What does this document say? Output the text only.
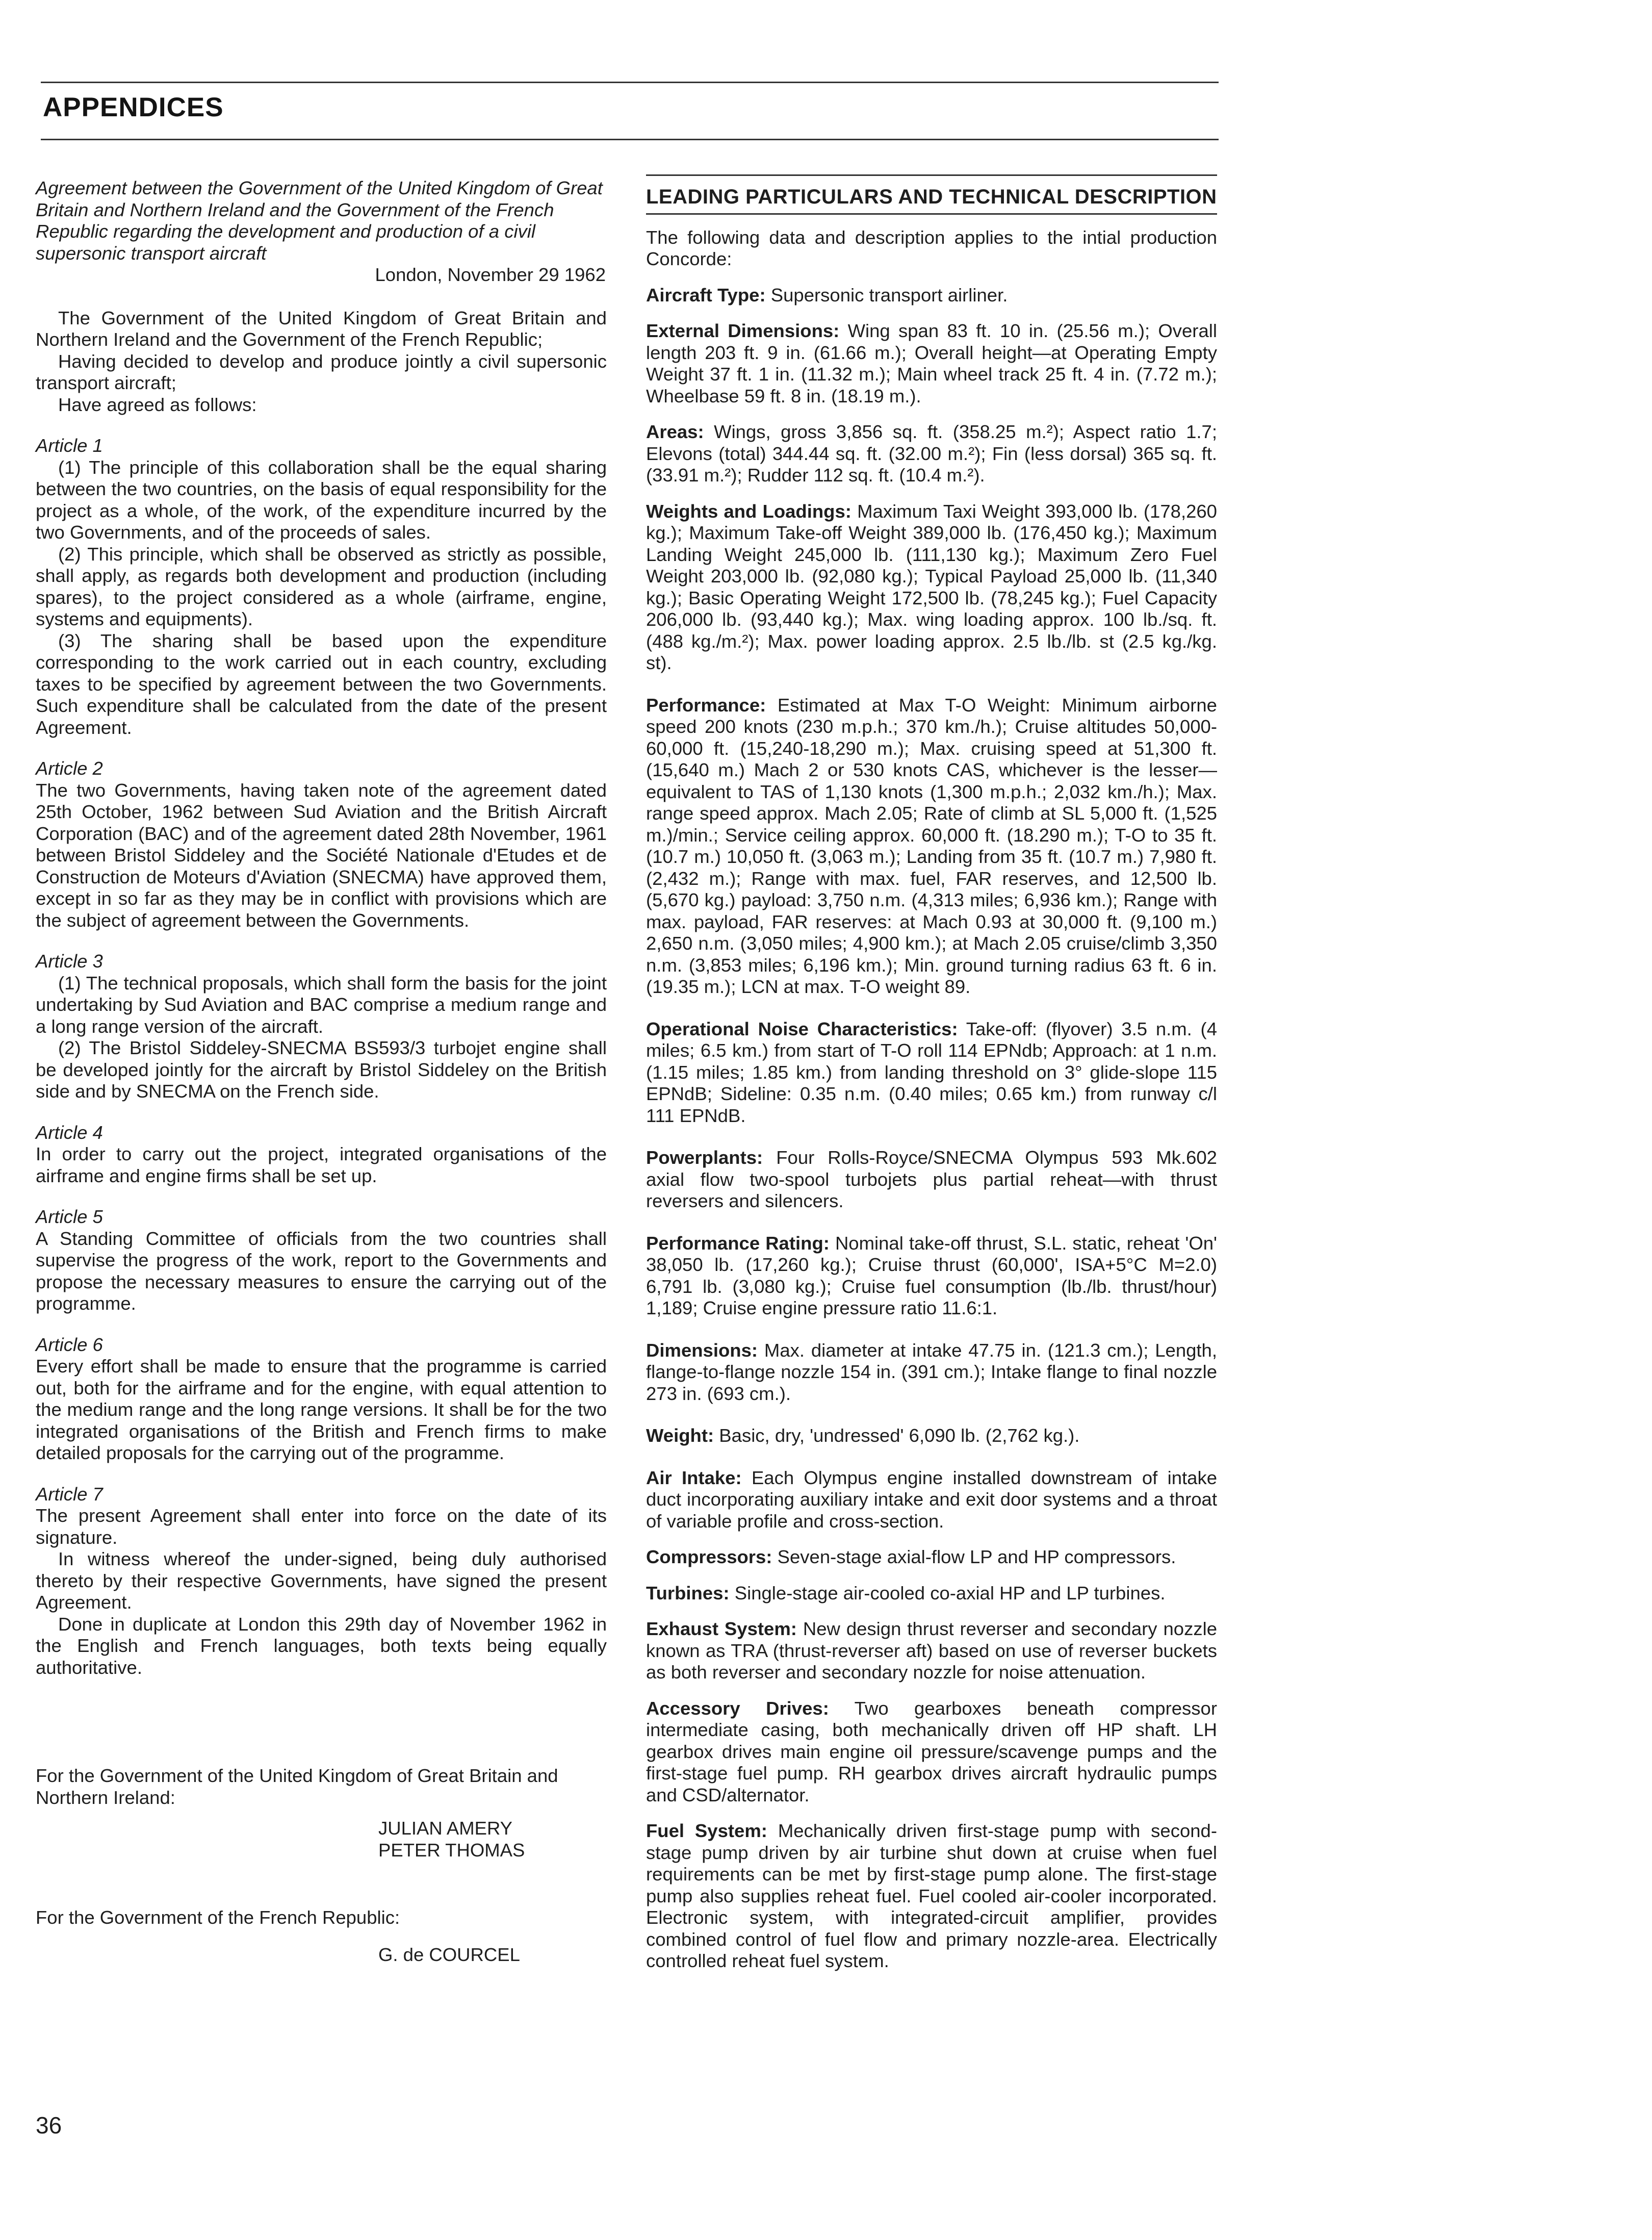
APPENDICES

Agreement between the Government of the United Kingdom of Great Britain and Northern Ireland and the Government of the French Republic regarding the development and production of a civil supersonic transport aircraft

London, November 29 1962

The Government of the United Kingdom of Great Britain and Northern Ireland and the Government of the French Republic;

Having decided to develop and produce jointly a civil supersonic transport aircraft;

Have agreed as follows:

Article 1

(1) The principle of this collaboration shall be the equal sharing between the two countries, on the basis of equal responsibility for the project as a whole, of the work, of the expenditure incurred by the two Governments, and of the proceeds of sales.

(2) This principle, which shall be observed as strictly as possible, shall apply, as regards both development and production (including spares), to the project considered as a whole (airframe, engine, systems and equipments).

(3) The sharing shall be based upon the expenditure corresponding to the work carried out in each country, excluding taxes to be specified by agreement between the two Governments. Such expenditure shall be calculated from the date of the present Agreement.

Article 2

The two Governments, having taken note of the agreement dated 25th October, 1962 between Sud Aviation and the British Aircraft Corporation (BAC) and of the agreement dated 28th November, 1961 between Bristol Siddeley and the Société Nationale d'Etudes et de Construction de Moteurs d'Aviation (SNECMA) have approved them, except in so far as they may be in conflict with provisions which are the subject of agreement between the Governments.

Article 3

(1) The technical proposals, which shall form the basis for the joint undertaking by Sud Aviation and BAC comprise a medium range and a long range version of the aircraft.

(2) The Bristol Siddeley-SNECMA BS593/3 turbojet engine shall be developed jointly for the aircraft by Bristol Siddeley on the British side and by SNECMA on the French side.

Article 4

In order to carry out the project, integrated organisations of the airframe and engine firms shall be set up.

Article 5

A Standing Committee of officials from the two countries shall supervise the progress of the work, report to the Governments and propose the necessary measures to ensure the carrying out of the programme.

Article 6

Every effort shall be made to ensure that the programme is carried out, both for the airframe and for the engine, with equal attention to the medium range and the long range versions. It shall be for the two integrated organisations of the British and French firms to make detailed proposals for the carrying out of the programme.

Article 7

The present Agreement shall enter into force on the date of its signature.

In witness whereof the under-signed, being duly authorised thereto by their respective Governments, have signed the present Agreement.

Done in duplicate at London this 29th day of November 1962 in the English and French languages, both texts being equally authoritative.

For the Government of the United Kingdom of Great Britain and Northern Ireland:

JULIAN AMERY
PETER THOMAS

For the Government of the French Republic:

G. de COURCEL
36
LEADING PARTICULARS AND TECHNICAL DESCRIPTION

The following data and description applies to the intial production Concorde:

Aircraft Type: Supersonic transport airliner.

External Dimensions: Wing span 83 ft. 10 in. (25.56 m.); Overall length 203 ft. 9 in. (61.66 m.); Overall height—at Operating Empty Weight 37 ft. 1 in. (11.32 m.); Main wheel track 25 ft. 4 in. (7.72 m.); Wheelbase 59 ft. 8 in. (18.19 m.).

Areas: Wings, gross 3,856 sq. ft. (358.25 m.²); Aspect ratio 1.7; Elevons (total) 344.44 sq. ft. (32.00 m.²); Fin (less dorsal) 365 sq. ft. (33.91 m.²); Rudder 112 sq. ft. (10.4 m.²).

Weights and Loadings: Maximum Taxi Weight 393,000 lb. (178,260 kg.); Maximum Take-off Weight 389,000 lb. (176,450 kg.); Maximum Landing Weight 245,000 lb. (111,130 kg.); Maximum Zero Fuel Weight 203,000 lb. (92,080 kg.); Typical Payload 25,000 lb. (11,340 kg.); Basic Operating Weight 172,500 lb. (78,245 kg.); Fuel Capacity 206,000 lb. (93,440 kg.); Max. wing loading approx. 100 lb./sq. ft. (488 kg./m.²); Max. power loading approx. 2.5 lb./lb. st (2.5 kg./kg. st).

Performance: Estimated at Max T-O Weight: Minimum airborne speed 200 knots (230 m.p.h.; 370 km./h.); Cruise altitudes 50,000-60,000 ft. (15,240-18,290 m.); Max. cruising speed at 51,300 ft. (15,640 m.) Mach 2 or 530 knots CAS, whichever is the lesser—equivalent to TAS of 1,130 knots (1,300 m.p.h.; 2,032 km./h.); Max. range speed approx. Mach 2.05; Rate of climb at SL 5,000 ft. (1,525 m.)/min.; Service ceiling approx. 60,000 ft. (18.290 m.); T-O to 35 ft. (10.7 m.) 10,050 ft. (3,063 m.); Landing from 35 ft. (10.7 m.) 7,980 ft. (2,432 m.); Range with max. fuel, FAR reserves, and 12,500 lb. (5,670 kg.) payload: 3,750 n.m. (4,313 miles; 6,936 km.); Range with max. payload, FAR reserves: at Mach 0.93 at 30,000 ft. (9,100 m.) 2,650 n.m. (3,050 miles; 4,900 km.); at Mach 2.05 cruise/climb 3,350 n.m. (3,853 miles; 6,196 km.); Min. ground turning radius 63 ft. 6 in. (19.35 m.); LCN at max. T-O weight 89.

Operational Noise Characteristics: Take-off: (flyover) 3.5 n.m. (4 miles; 6.5 km.) from start of T-O roll 114 EPNdb; Approach: at 1 n.m. (1.15 miles; 1.85 km.) from landing threshold on 3° glide-slope 115 EPNdB; Sideline: 0.35 n.m. (0.40 miles; 0.65 km.) from runway c/l 111 EPNdB.

Powerplants: Four Rolls-Royce/SNECMA Olympus 593 Mk.602 axial flow two-spool turbojets plus partial reheat—with thrust reversers and silencers.

Performance Rating: Nominal take-off thrust, S.L. static, reheat 'On' 38,050 lb. (17,260 kg.); Cruise thrust (60,000', ISA+5°C M=2.0) 6,791 lb. (3,080 kg.); Cruise fuel consumption (lb./lb. thrust/hour) 1,189; Cruise engine pressure ratio 11.6:1.

Dimensions: Max. diameter at intake 47.75 in. (121.3 cm.); Length, flange-to-flange nozzle 154 in. (391 cm.); Intake flange to final nozzle 273 in. (693 cm.).

Weight: Basic, dry, 'undressed' 6,090 lb. (2,762 kg.).

Air Intake: Each Olympus engine installed downstream of intake duct incorporating auxiliary intake and exit door systems and a throat of variable profile and cross-section.

Compressors: Seven-stage axial-flow LP and HP compressors.

Turbines: Single-stage air-cooled co-axial HP and LP turbines.

Exhaust System: New design thrust reverser and secondary nozzle known as TRA (thrust-reverser aft) based on use of reverser buckets as both reverser and secondary nozzle for noise attenuation.

Accessory Drives: Two gearboxes beneath compressor intermediate casing, both mechanically driven off HP shaft. LH gearbox drives main engine oil pressure/scavenge pumps and the first-stage fuel pump. RH gearbox drives aircraft hydraulic pumps and CSD/alternator.

Fuel System: Mechanically driven first-stage pump with second-stage pump driven by air turbine shut down at cruise when fuel requirements can be met by first-stage pump alone. The first-stage pump also supplies reheat fuel. Fuel cooled air-cooler incorporated. Electronic system, with integrated-circuit amplifier, provides combined control of fuel flow and primary nozzle-area. Electrically controlled reheat fuel system.
